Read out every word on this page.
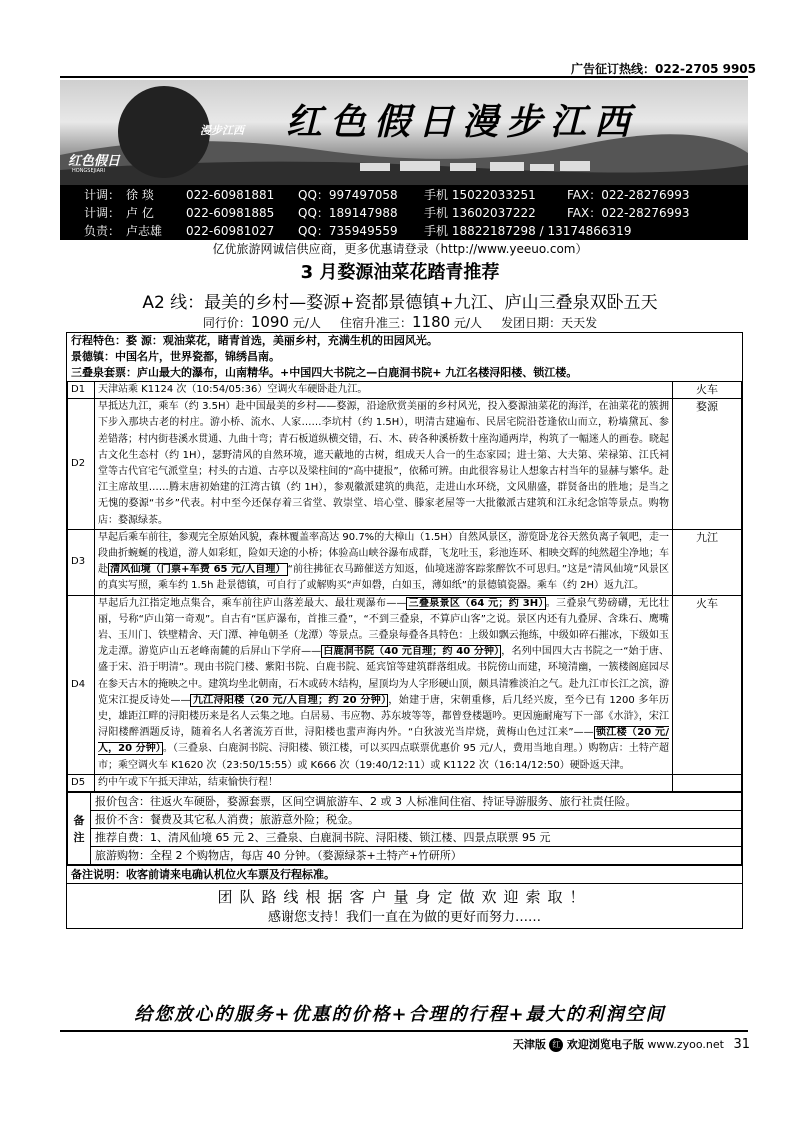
广告征订热线：022-2705 9905
漫步江西
红色假日
HONGSEJIARI
红色假日漫步江西
计调： 徐 琰	022-60981881 QQ：997497058 手机 15022033251	FAX：022-28276993
计调： 卢 亿	022-60981885 QQ：189147988 手机 13602037222	FAX：022-28276993
负责： 卢志雄 022-60981027 QQ：735949559 手机 18822187298 / 13174866319
亿优旅游网诚信供应商，更多优惠请登录（http://www.yeeuo.com）
3 月婺源油菜花踏青推荐
A2 线：最美的乡村—婺源+瓷都景德镇+九江、庐山三叠泉双卧五天
同行价：1090 元/人 住宿升准三：1180 元/人 发团日期：天天发

行程特色：婺 源：观油菜花，睹青首选，美丽乡村，充满生机的田园风光。

景德镇：中国名片，世界瓷都，锦绣昌南。

三叠泉套票：庐山最大的瀑布，山南精华。+中国四大书院之—白鹿洞书院+ 九江名楼浔阳楼、锁江楼。

D1	天津站乘 K1124 次（10:54/05:36）空调火车硬卧赴九江。	火车
D2	早抵达九江，乘车（约 3.5H）赴中国最美的乡村——婺源，沿途欣赏美丽的乡村风光，投入婺源油菜花的海洋，在油菜花的簇拥下步入那块古老的村庄。游小桥、流水、人家……李坑村（约 1.5H），明清古建遍布、民居宅院沿苍逢依山而立，粉墙黛瓦、参差错落；村内街巷溪水贯通、九曲十弯；青石板道纵横交错，石、木、砖各种溪桥数十座沟通两岸，构筑了一幅迷人的画卷。晓起古文化生态村（约 1H），瑟野清风的自然环境，遮天蔽地的古树，组成天人合一的生态家园；进士第、大夫第、荣禄第、江氏祠堂等古代官宅气派堂皇；村头的古道、古亭以及梁柱间的“高中捷报”，依稀可辨。由此很容易让人想象古村当年的显赫与繁华。赴江主席故里……腾末唐初始建的江湾古镇（约 1H），参观徽派建筑的典范，走进山水环绕，文风鼎盛，群贤备出的胜地；是当之无愧的婺源“书乡”代表。村中至今还保存着三省堂、敦崇堂、培心堂、滕家老屋等一大批徽派古建筑和江永纪念馆等景点。购物店：婺源绿茶。	婺源
D3	早起后乘车前往，参观完全原始风貌，森林覆盖率高达 90.7%的大樟山（1.5H）自然风景区，游览卧龙谷天然负离子氧吧，走一段曲折蜿蜒的栈道，游人如彩虹，险如天途的小桥；体验高山峡谷瀑布成群，飞龙吐玉，彩池连环、相映交辉的纯然超尘净地；车赴 清风仙境（门票+车费 65 元/人自理） “前往拂征衣马蹄催送方知返，仙境迷游客踪浆醉饮不可思归。”这是“清风仙境”风景区的真实写照，乘车约 1.5h 赴景德镇，可自行了或解购买“声如磬，白如玉，薄如纸”的景德镇瓷器。乘车（约 2H）返九江。	九江
D4	早起后九江指定地点集合，乘车前往庐山落差最大、最壮观瀑布—— 三叠泉景区（64 元；约 3H） 。三叠泉气势磅礴，无比壮丽，号称“庐山第一奇观”。自古有“匡庐瀑布，首推三叠”，“不到三叠泉，不算庐山客”之说。景区内还有九叠屏、含珠石、鹰嘴岩、玉川门、铁壁精舍、天门潭、神龟朝圣（龙潭）等景点。三叠泉每叠各具特色：上级如飘云拖练，中级如碎石摧冰，下级如玉龙走潭。游览庐山五老峰南麓的后屏山下学府—— 白鹿洞书院（40 元自理；约 40 分钟） ，名列中国四大古书院之一“始于唐、盛于宋、沿于明清”。现由书院门楼、紫阳书院、白鹿书院、延宾馆等建筑群落组成。书院傍山而建，环境清幽，一簇楼阁庭园尽在参天古木的掩映之中。建筑均坐北朝南，石木或砖木结构，屋顶均为人字形硬山顶，颇具清雅淡泊之气。赴九江市长江之滨，游览宋江提反诗处—— 九江浔阳楼（20 元/人自理；约 20 分钟） ，始建于唐，宋朝重修，后几经兴废，至今已有 1200 多年历史，雄距江畔的浔阳楼历来是名人云集之地。白居易、韦应物、苏东坡等等，都曾登楼题吟。更因施耐庵写下一部《水浒》，宋江浔阳楼醉酒题反诗，随着名人名著流芳百世，浔阳楼也蜚声海内外。“白狄波光当岸烧，黄梅山色过江来”—— 锁江楼（20 元/人，20 分钟） 。（三叠泉、白鹿洞书院、浔阳楼、锁江楼，可以买四点联票优惠价 95 元/人，费用当地自理。）购物店：土特产超市；乘空调火车 K1620 次（23:50/15:55）或 K666 次（19:40/12:11）或 K1122 次（16:14/12:50）硬卧返天津。	火车
D5	约中午或下午抵天津站，结束愉快行程！	
备注	报价包含：往返火车硬卧，婺源套票，区间空调旅游车、2 或 3 人标准间住宿、持证导游服务、旅行社责任险。
报价不含：餐费及其它私人消费；旅游意外险；税金。
推荐自费：1、清风仙境 65 元 2、三叠泉、白鹿洞书院、浔阳楼、锁江楼、四景点联票 95 元
旅游购物：全程 2 个购物店，每店 40 分钟。（婺源绿茶+土特产+竹研所）
备注说明：收客前请来电确认机位火车票及行程标准。
团队路线根据客户量身定做欢迎索取！
感谢您支持！我们一直在为做的更好而努力……
给您放心的服务+优惠的价格+合理的行程+最大的利润空间
天津版 红 欢迎浏览电子版 www.zyoo.net 31
